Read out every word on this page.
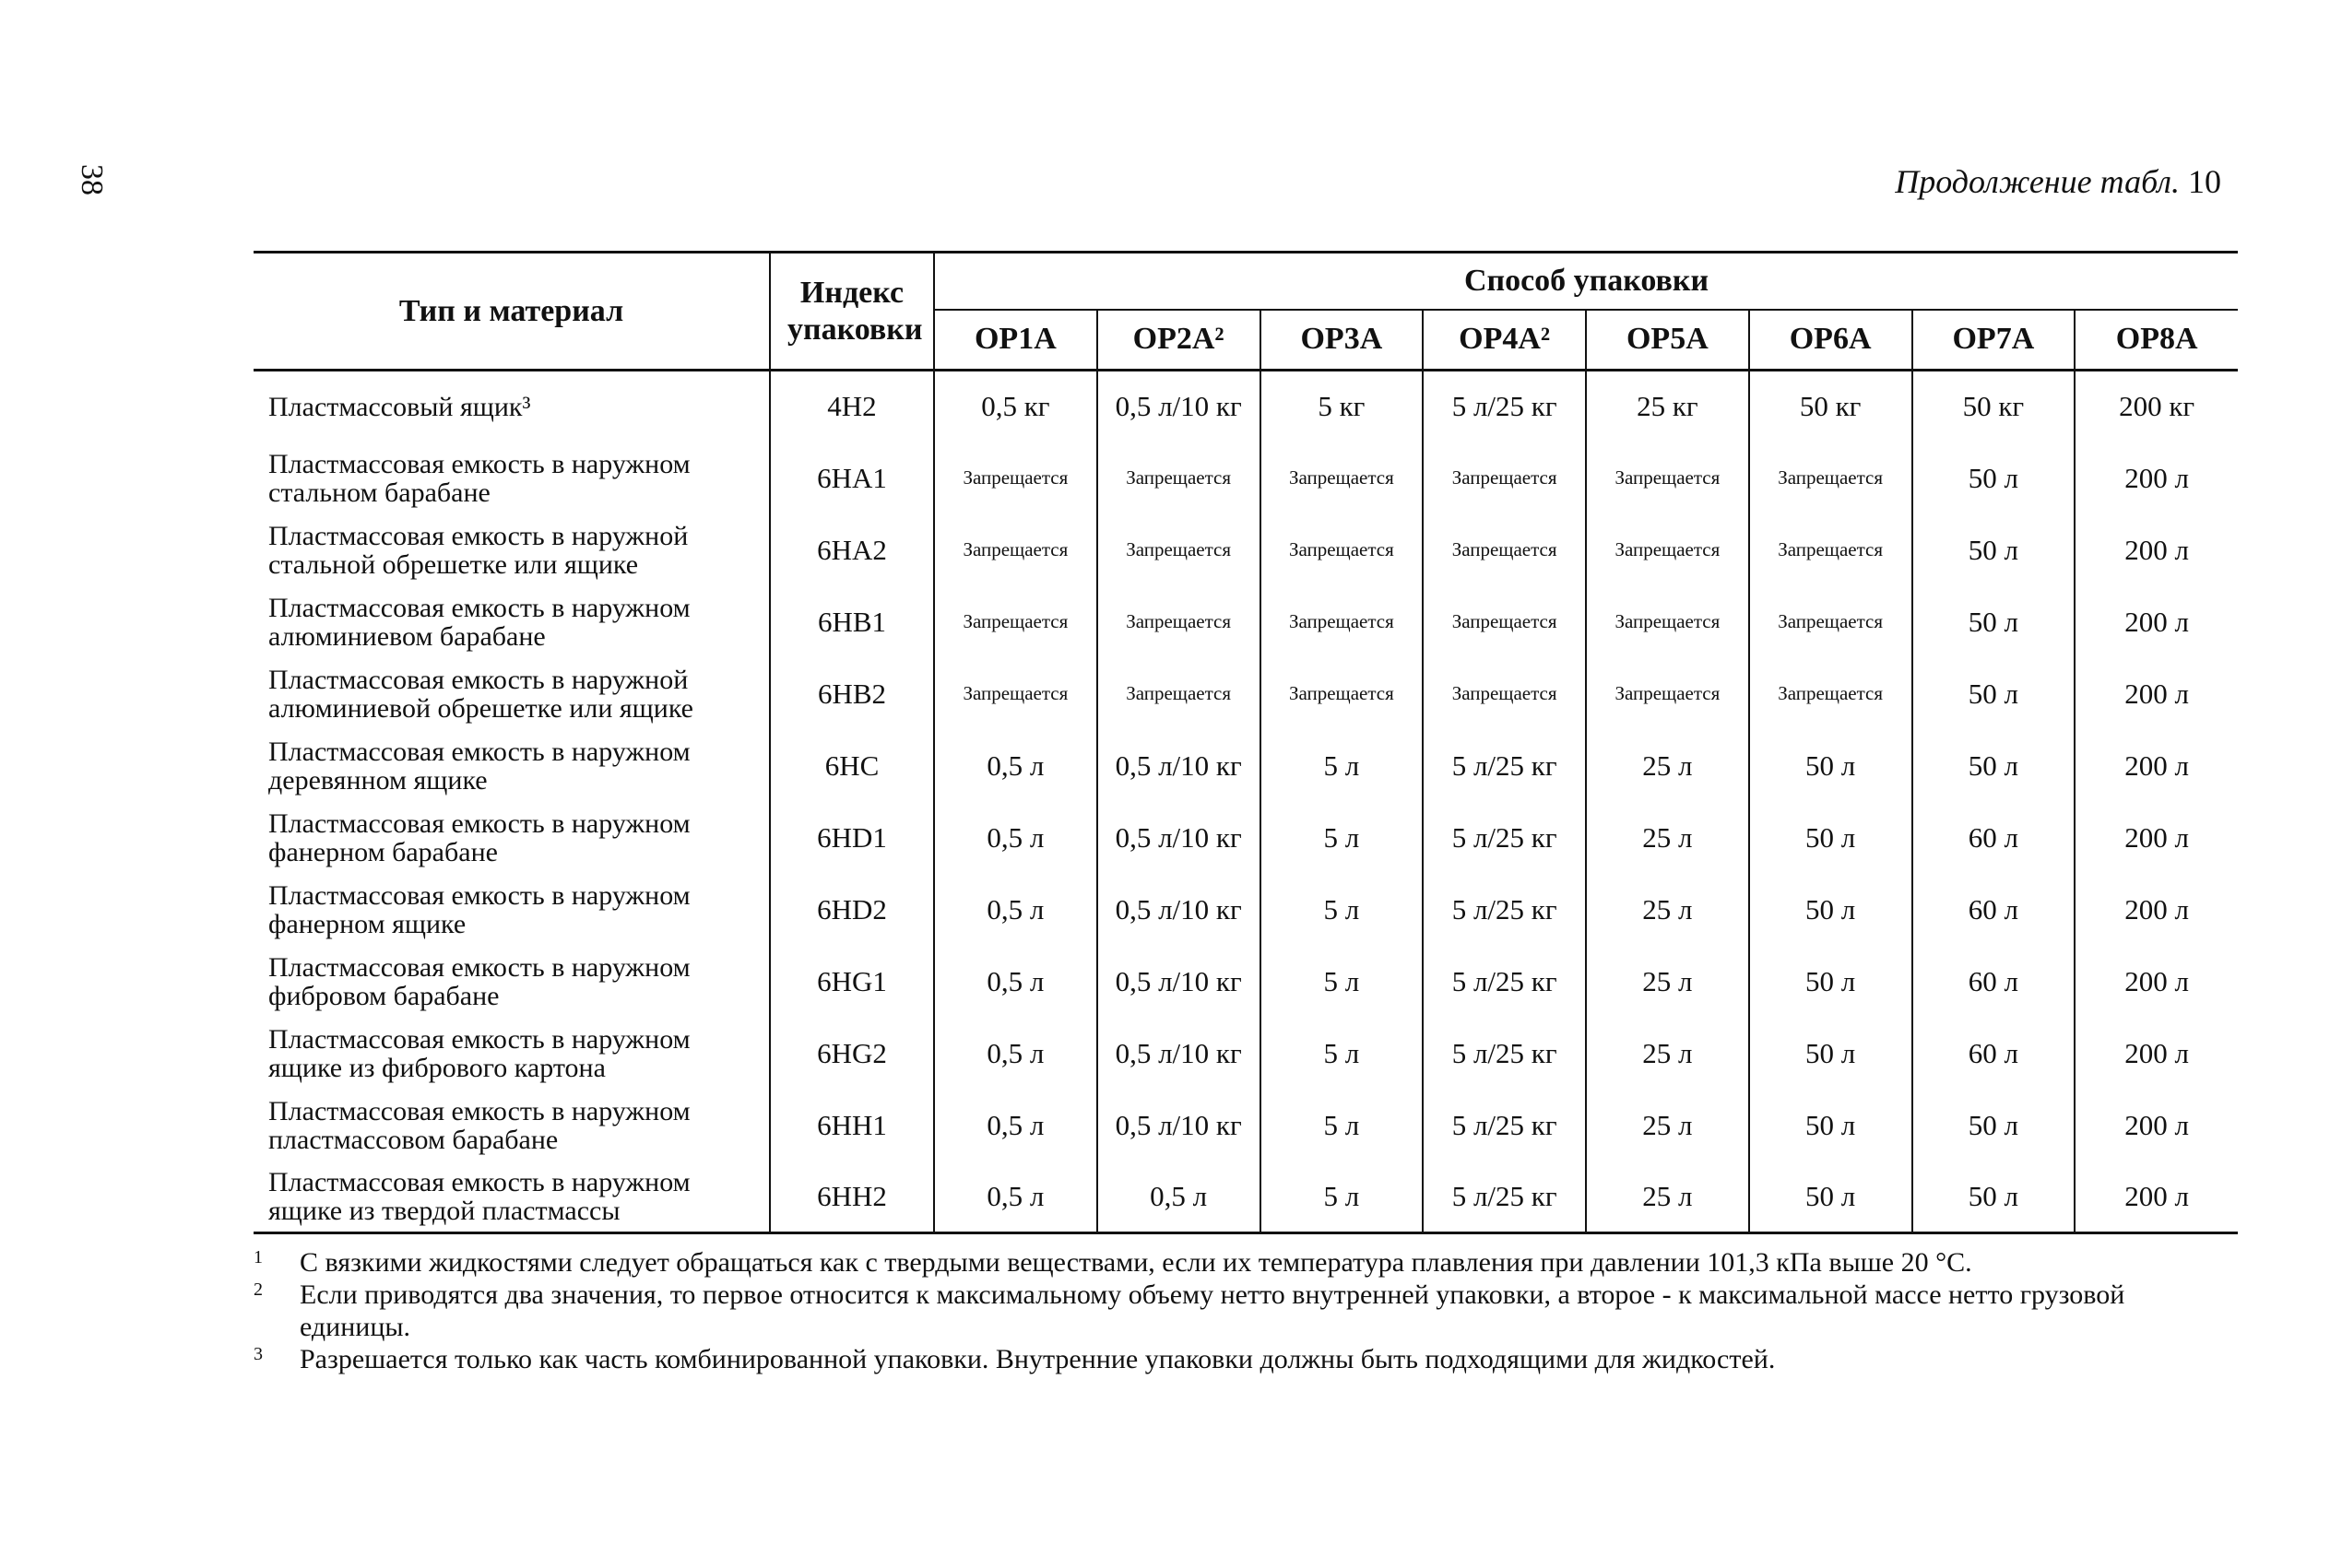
38	Продолжение табл. 10
Тип и материал	Индекс упаковки	Способ упаковки							
		OP1A	OP2A²	OP3A	OP4A²	OP5A	OP6A	OP7A	OP8A
Пластмассовый ящик³	4H2	0,5 кг	0,5 л/10 кг	5 кг	5 л/25 кг	25 кг	50 кг	50 кг	200 кг
Пластмассовая емкость в наружном стальном барабане	6HA1	Запрещается	Запрещается	Запрещается	Запрещается	Запрещается	Запрещается	50 л	200 л
Пластмассовая емкость в наружной стальной обрешетке или ящике	6HA2	Запрещается	Запрещается	Запрещается	Запрещается	Запрещается	Запрещается	50 л	200 л
Пластмассовая емкость в наружном алюминиевом барабане	6HB1	Запрещается	Запрещается	Запрещается	Запрещается	Запрещается	Запрещается	50 л	200 л
Пластмассовая емкость в наружной алюминиевой обрешетке или ящике	6HB2	Запрещается	Запрещается	Запрещается	Запрещается	Запрещается	Запрещается	50 л	200 л
Пластмассовая емкость в наружном деревянном ящике	6HC	0,5 л	0,5 л/10 кг	5 л	5 л/25 кг	25 л	50 л	50 л	200 л
Пластмассовая емкость в наружном фанерном барабане	6HD1	0,5 л	0,5 л/10 кг	5 л	5 л/25 кг	25 л	50 л	60 л	200 л
Пластмассовая емкость в наружном фанерном ящике	6HD2	0,5 л	0,5 л/10 кг	5 л	5 л/25 кг	25 л	50 л	60 л	200 л
Пластмассовая емкость в наружном фибровом барабане	6HG1	0,5 л	0,5 л/10 кг	5 л	5 л/25 кг	25 л	50 л	60 л	200 л
Пластмассовая емкость в наружном ящике из фибрового картона	6HG2	0,5 л	0,5 л/10 кг	5 л	5 л/25 кг	25 л	50 л	60 л	200 л
Пластмассовая емкость в наружном пластмассовом барабане	6HH1	0,5 л	0,5 л/10 кг	5 л	5 л/25 кг	25 л	50 л	50 л	200 л
Пластмассовая емкость в наружном ящике из твердой пластмассы	6HH2	0,5 л	0,5 л	5 л	5 л/25 кг	25 л	50 л	50 л	200 л
1	С вязкими жидкостями следует обращаться как с твердыми веществами, если их температура плавления при давлении 101,3 кПа выше 20 °С.
2	Если приводятся два значения, то первое относится к максимальному объему нетто внутренней упаковки, а второе - к максимальной массе нетто грузовой единицы.
3	Разрешается только как часть комбинированной упаковки. Внутренние упаковки должны быть подходящими для жидкостей.
